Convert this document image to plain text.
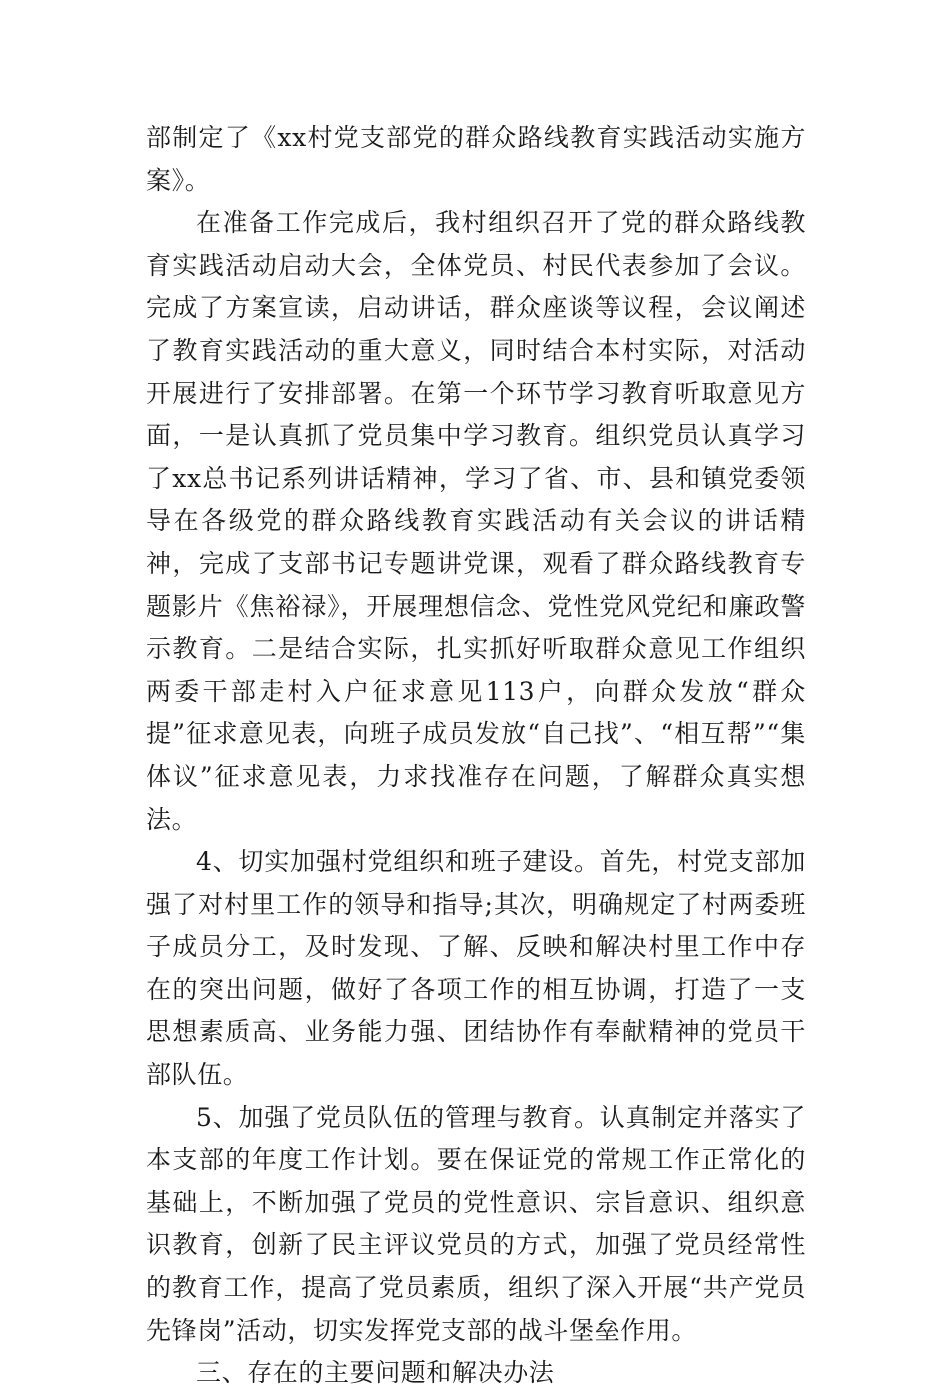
部制定了《xx村党支部党的群众路线教育实践活动实施方案》。

在准备工作完成后，我村组织召开了党的群众路线教育实践活动启动大会，全体党员、村民代表参加了会议。完成了方案宣读，启动讲话，群众座谈等议程，会议阐述了教育实践活动的重大意义，同时结合本村实际，对活动开展进行了安排部署。在第一个环节学习教育听取意见方面，一是认真抓了党员集中学习教育。组织党员认真学习了xx总书记系列讲话精神，学习了省、市、县和镇党委领导在各级党的群众路线教育实践活动有关会议的讲话精神，完成了支部书记专题讲党课，观看了群众路线教育专题影片《焦裕禄》，开展理想信念、党性党风党纪和廉政警示教育。二是结合实际，扎实抓好听取群众意见工作组织两委干部走村入户征求意见113户，向群众发放“群众提”征求意见表，向班子成员发放“自己找”、“相互帮”“集体议”征求意见表，力求找准存在问题，了解群众真实想法。

4、切实加强村党组织和班子建设。首先，村党支部加强了对村里工作的领导和指导;其次，明确规定了村两委班子成员分工，及时发现、了解、反映和解决村里工作中存在的突出问题，做好了各项工作的相互协调，打造了一支思想素质高、业务能力强、团结协作有奉献精神的党员干部队伍。

5、加强了党员队伍的管理与教育。认真制定并落实了本支部的年度工作计划。要在保证党的常规工作正常化的基础上，不断加强了党员的党性意识、宗旨意识、组织意识教育，创新了民主评议党员的方式，加强了党员经常性的教育工作，提高了党员素质，组织了深入开展“共产党员先锋岗”活动，切实发挥党支部的战斗堡垒作用。

三、存在的主要问题和解决办法
